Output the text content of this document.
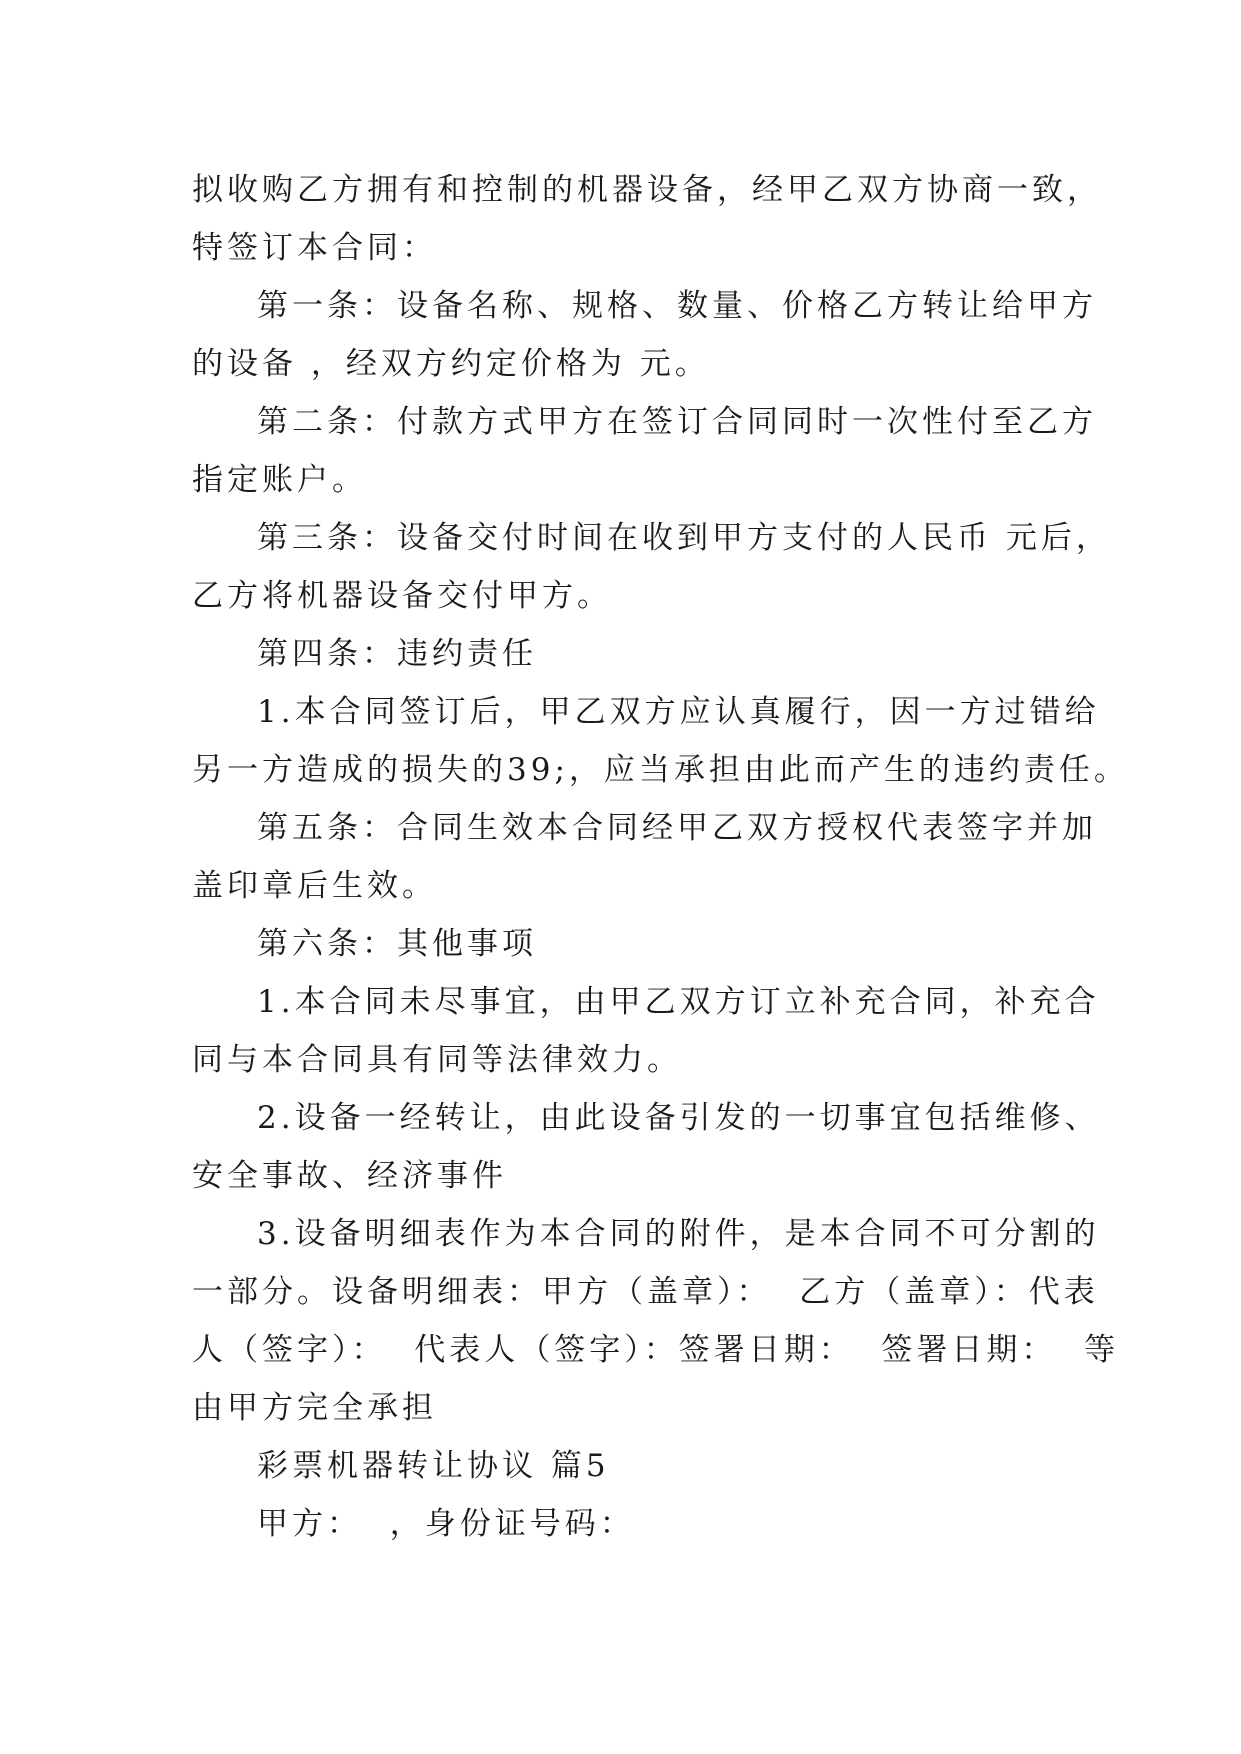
拟收购乙方拥有和控制的机器设备，经甲乙双方协商一致，
特签订本合同：
第一条：设备名称、规格、数量、价格乙方转让给甲方
的设备 ，经双方约定价格为 元。
第二条：付款方式甲方在签订合同同时一次性付至乙方
指定账户。
第三条：设备交付时间在收到甲方支付的人民币 元后，
乙方将机器设备交付甲方。
第四条：违约责任
1.本合同签订后，甲乙双方应认真履行，因一方过错给
另一方造成的损失的39;，应当承担由此而产生的违约责任。
第五条：合同生效本合同经甲乙双方授权代表签字并加
盖印章后生效。
第六条：其他事项
1.本合同未尽事宜，由甲乙双方订立补充合同，补充合
同与本合同具有同等法律效力。
2.设备一经转让，由此设备引发的一切事宜包括维修、
安全事故、经济事件
3.设备明细表作为本合同的附件，是本合同不可分割的
一部分。设备明细表：甲方（盖章）：  乙方（盖章）：代表
人（签字）：  代表人（签字）：签署日期：  签署日期：  等
由甲方完全承担
彩票机器转让协议 篇5
甲方：  ，身份证号码：
